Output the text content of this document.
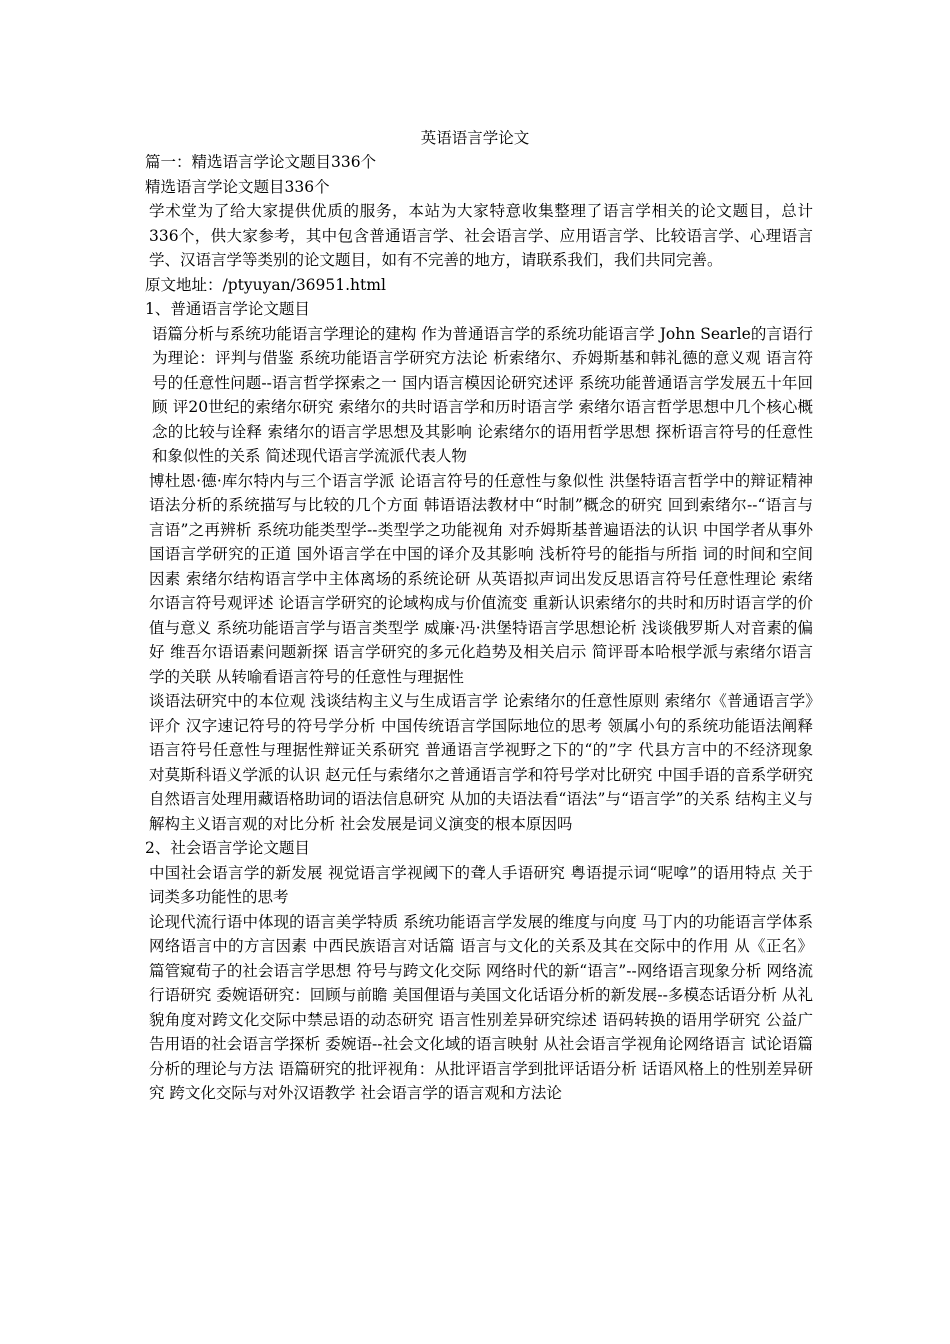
英语语言学论文

篇一：精选语言学论文题目336个

精选语言学论文题目336个

学术堂为了给大家提供优质的服务，本站为大家特意收集整理了语言学相关的论文题目，总计336个，供大家参考，其中包含普通语言学、社会语言学、应用语言学、比较语言学、心理语言学、汉语言学等类别的论文题目，如有不完善的地方，请联系我们，我们共同完善。

原文地址：/ptyuyan/36951.html

1、普通语言学论文题目

语篇分析与系统功能语言学理论的建构 作为普通语言学的系统功能语言学 John Searle的言语行为理论：评判与借鉴 系统功能语言学研究方法论 析索绪尔、乔姆斯基和韩礼德的意义观 语言符号的任意性问题--语言哲学探索之一 国内语言模因论研究述评 系统功能普通语言学发展五十年回顾 评20世纪的索绪尔研究 索绪尔的共时语言学和历时语言学 索绪尔语言哲学思想中几个核心概念的比较与诠释 索绪尔的语言学思想及其影响 论索绪尔的语用哲学思想 探析语言符号的任意性和象似性的关系 简述现代语言学流派代表人物

博杜恩·德·库尔特内与三个语言学派 论语言符号的任意性与象似性 洪堡特语言哲学中的辩证精神 语法分析的系统描写与比较的几个方面 韩语语法教材中“时制”概念的研究 回到索绪尔--“语言与言语”之再辨析 系统功能类型学--类型学之功能视角 对乔姆斯基普遍语法的认识 中国学者从事外国语言学研究的正道 国外语言学在中国的译介及其影响 浅析符号的能指与所指 词的时间和空间因素 索绪尔结构语言学中主体离场的系统论研 从英语拟声词出发反思语言符号任意性理论 索绪尔语言符号观评述 论语言学研究的论域构成与价值流变 重新认识索绪尔的共时和历时语言学的价值与意义 系统功能语言学与语言类型学 威廉·冯·洪堡特语言学思想论析 浅谈俄罗斯人对音素的偏好 维吾尔语语素问题新探 语言学研究的多元化趋势及相关启示 简评哥本哈根学派与索绪尔语言学的关联 从转喻看语言符号的任意性与理据性

谈语法研究中的本位观 浅谈结构主义与生成语言学 论索绪尔的任意性原则 索绪尔《普通语言学》评介 汉字速记符号的符号学分析 中国传统语言学国际地位的思考 领属小句的系统功能语法阐释 语言符号任意性与理据性辩证关系研究 普通语言学视野之下的“的”字 代县方言中的不经济现象 对莫斯科语义学派的认识 赵元任与索绪尔之普通语言学和符号学对比研究 中国手语的音系学研究 自然语言处理用藏语格助词的语法信息研究 从加的夫语法看“语法”与“语言学”的关系 结构主义与解构主义语言观的对比分析 社会发展是词义演变的根本原因吗

2、社会语言学论文题目

中国社会语言学的新发展 视觉语言学视阈下的聋人手语研究 粤语提示词“呢嗱”的语用特点 关于词类多功能性的思考

论现代流行语中体现的语言美学特质 系统功能语言学发展的维度与向度 马丁内的功能语言学体系 网络语言中的方言因素 中西民族语言对话篇 语言与文化的关系及其在交际中的作用 从《正名》篇管窥荀子的社会语言学思想 符号与跨文化交际 网络时代的新“语言”--网络语言现象分析 网络流行语研究 委婉语研究：回顾与前瞻 美国俚语与美国文化话语分析的新发展--多模态话语分析 从礼貌角度对跨文化交际中禁忌语的动态研究 语言性别差异研究综述 语码转换的语用学研究 公益广告用语的社会语言学探析 委婉语--社会文化域的语言映射 从社会语言学视角论网络语言 试论语篇分析的理论与方法 语篇研究的批评视角：从批评语言学到批评话语分析 话语风格上的性别差异研究 跨文化交际与对外汉语教学 社会语言学的语言观和方法论
